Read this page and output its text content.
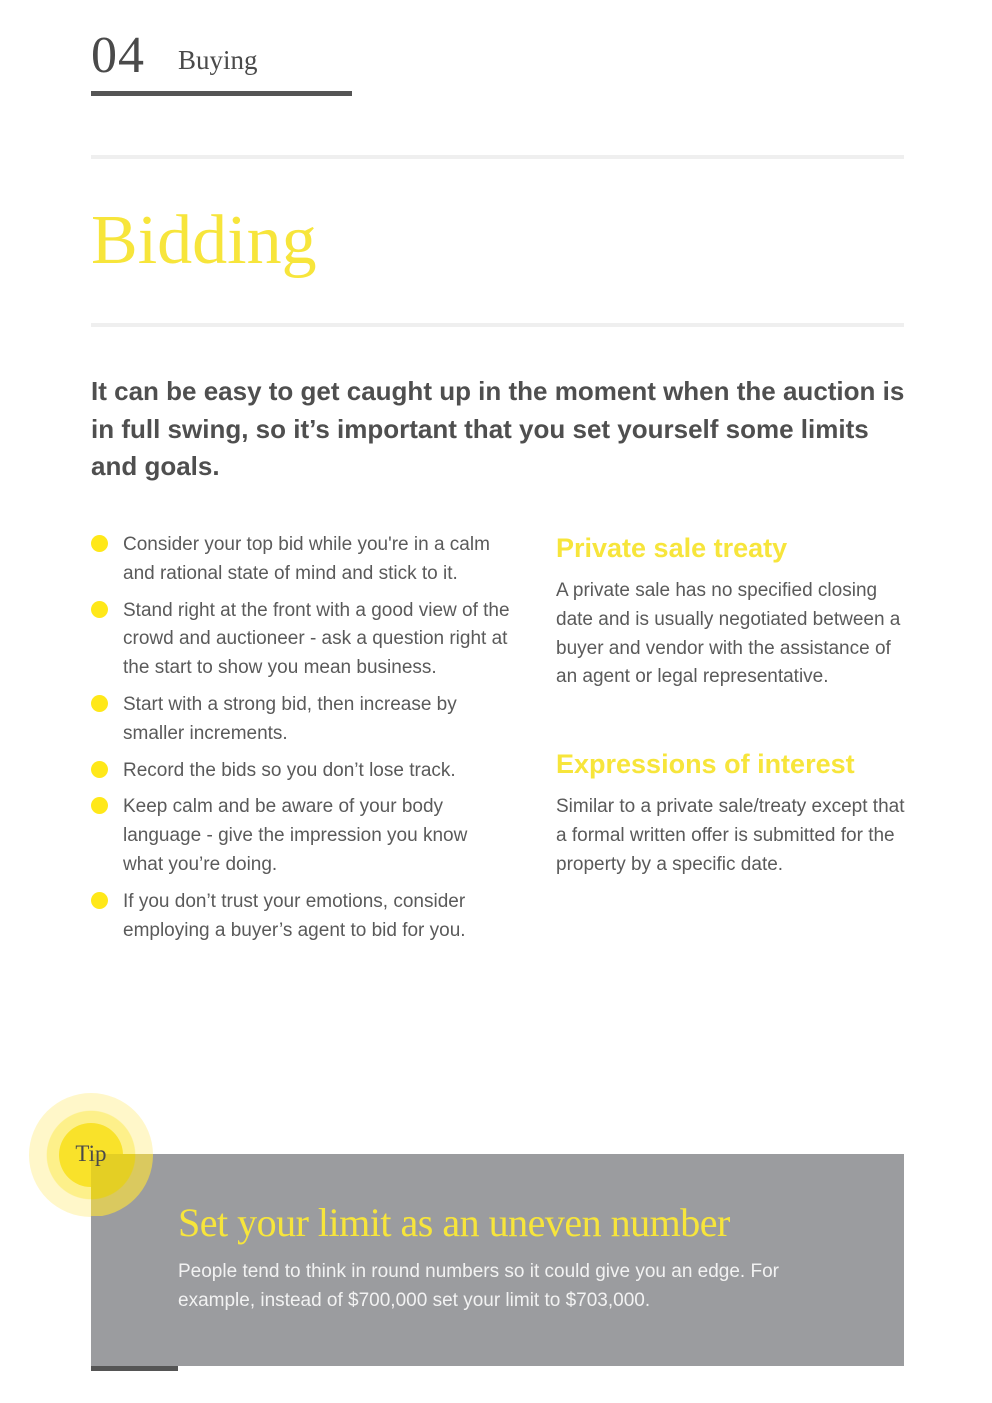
04 Buying
Bidding
It can be easy to get caught up in the moment when the auction is in full swing, so it’s important that you set yourself some limits and goals.
Consider your top bid while you're in a calm and rational state of mind and stick to it.
Stand right at the front with a good view of the crowd and auctioneer - ask a question right at the start to show you mean business.
Start with a strong bid, then increase by smaller increments.
Record the bids so you don’t lose track.
Keep calm and be aware of your body language - give the impression you know what you’re doing.
If you don’t trust your emotions, consider employing a buyer’s agent to bid for you.
Private sale treaty
A private sale has no specified closing date and is usually negotiated between a buyer and vendor with the assistance of an agent or legal representative.
Expressions of interest
Similar to a private sale/treaty except that a formal written offer is submitted for the property by a specific date.
Tip
Set your limit as an uneven number
People tend to think in round numbers so it could give you an edge. For example, instead of $700,000 set your limit to $703,000.
